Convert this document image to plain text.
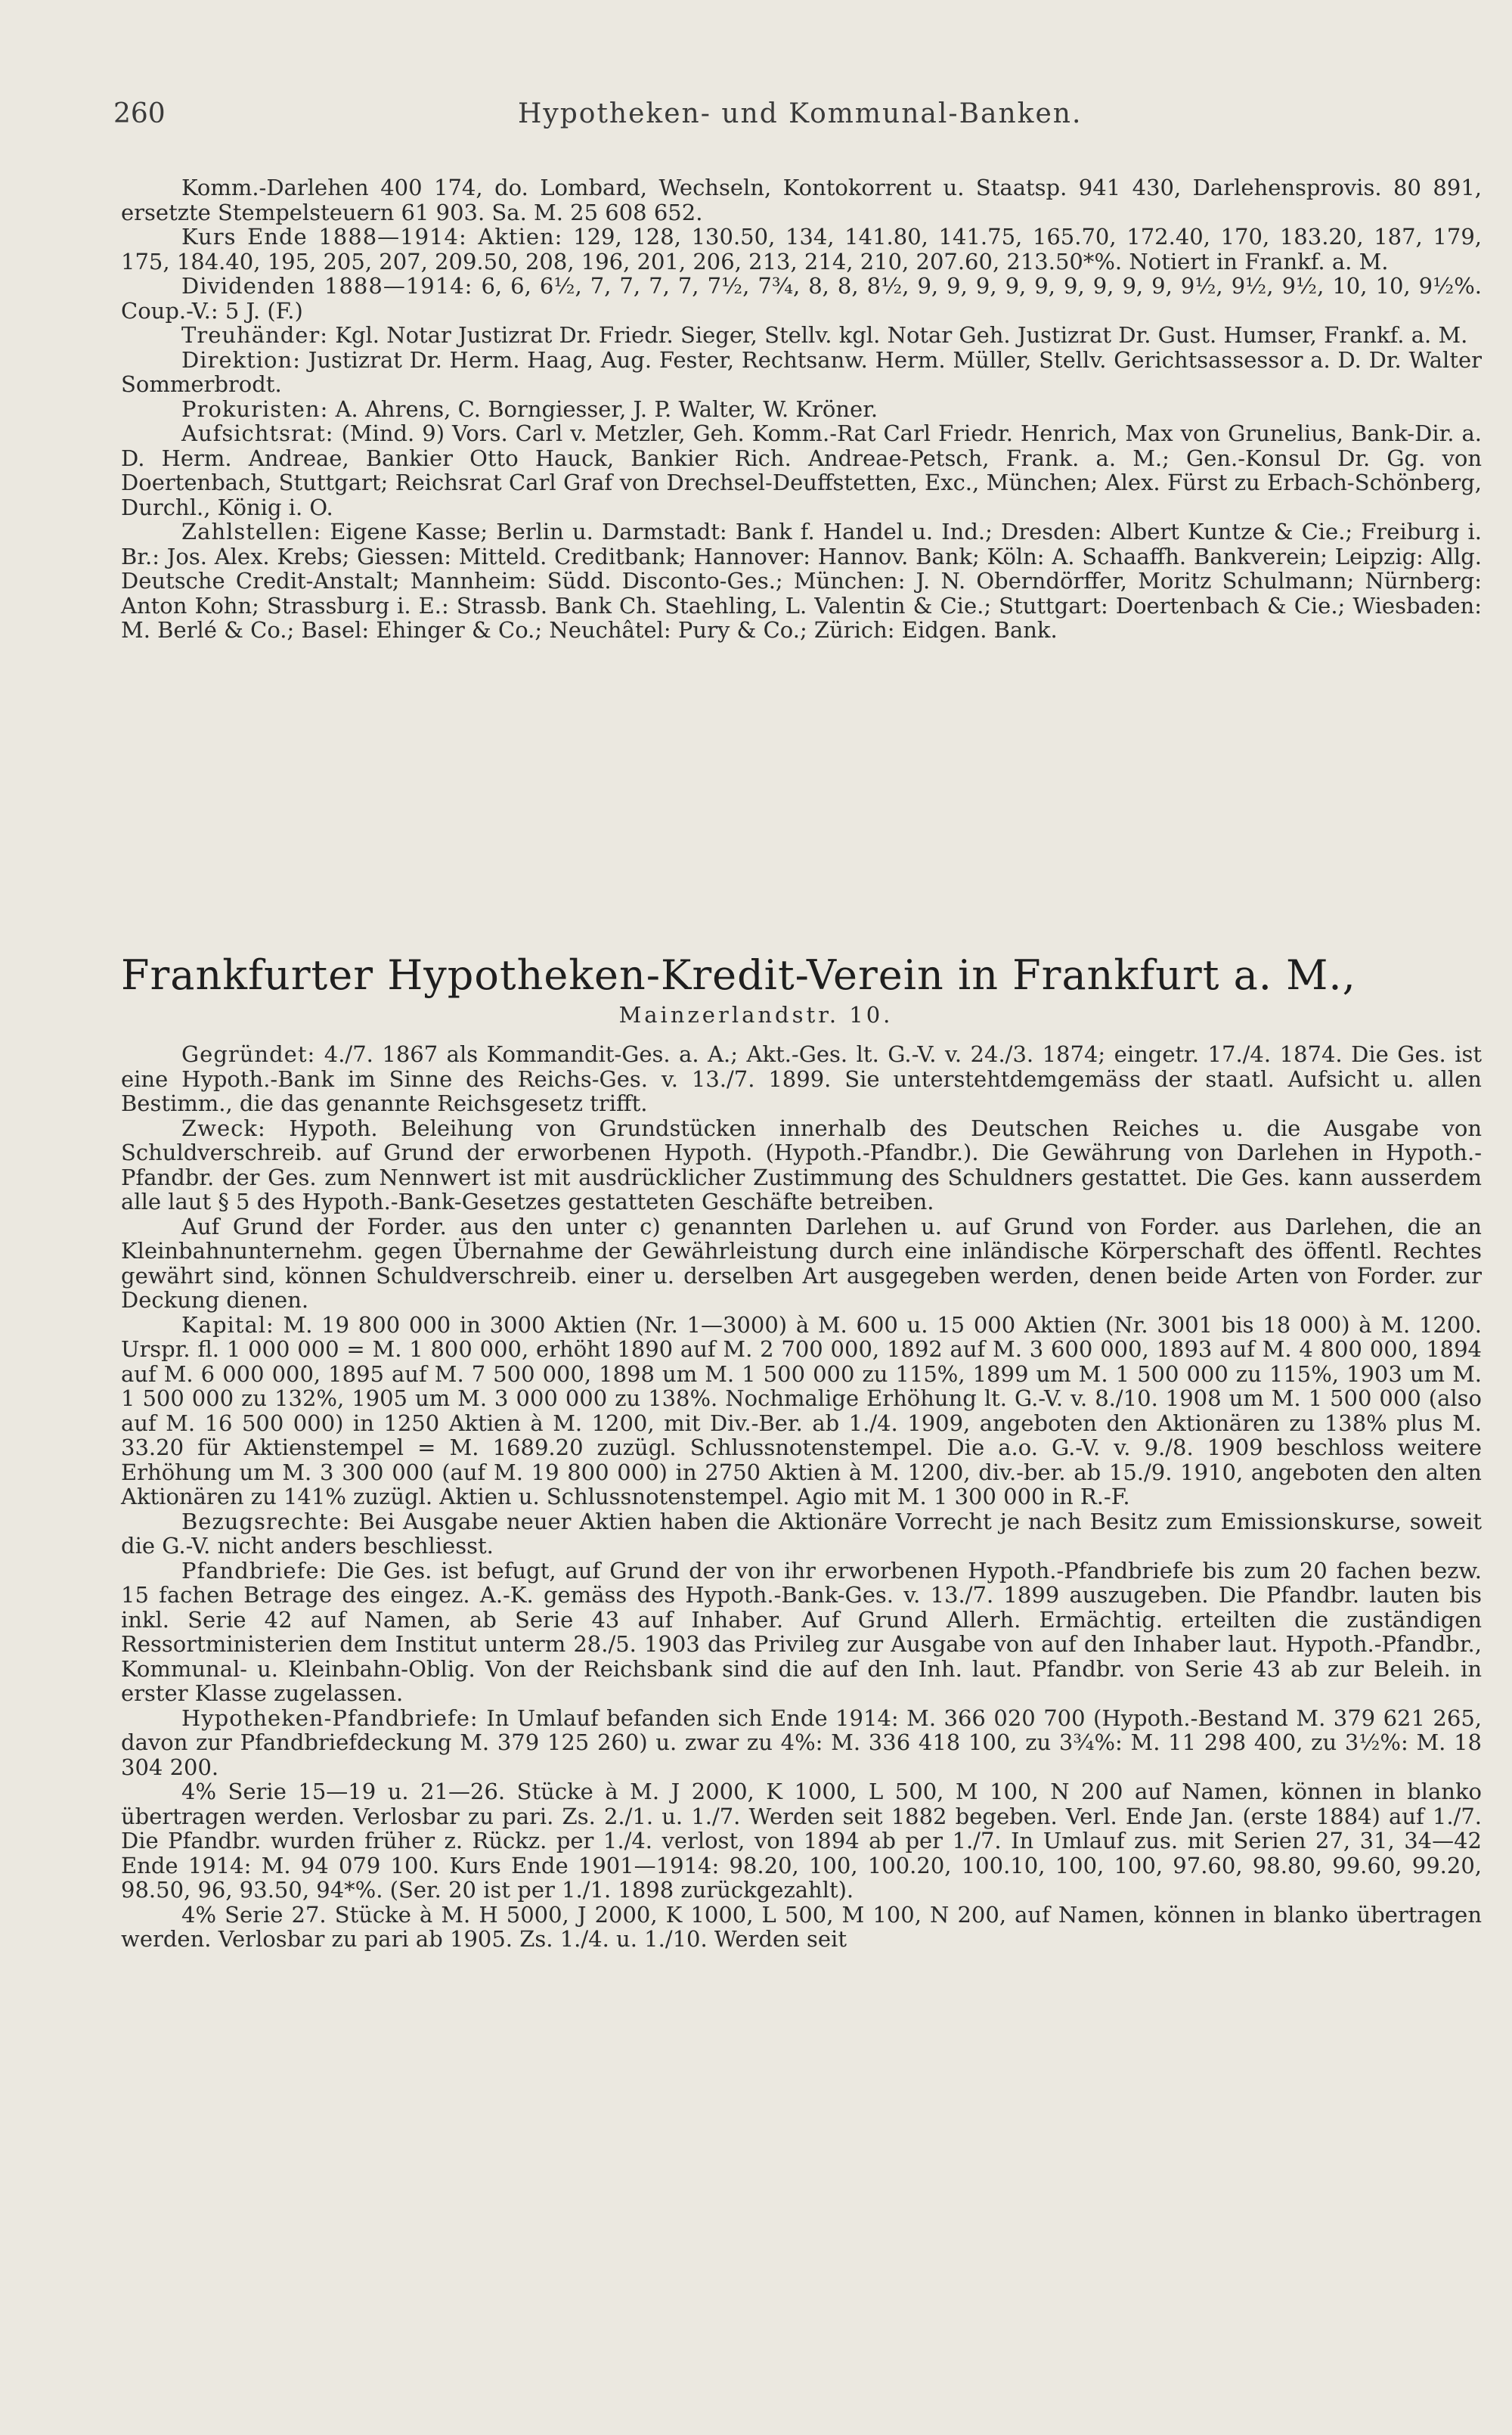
260	Hypotheken- und Kommunal-Banken.

Komm.-Darlehen 400 174, do. Lombard, Wechseln, Kontokorrent u. Staatsp. 941 430, Darlehensprovis. 80 891, ersetzte Stempelsteuern 61 903. Sa. M. 25 608 652.

Kurs Ende 1888—1914: Aktien: 129, 128, 130.50, 134, 141.80, 141.75, 165.70, 172.40, 170, 183.20, 187, 179, 175, 184.40, 195, 205, 207, 209.50, 208, 196, 201, 206, 213, 214, 210, 207.60, 213.50*%. Notiert in Frankf. a. M.

Dividenden 1888—1914: 6, 6, 6½, 7, 7, 7, 7, 7½, 7¾, 8, 8, 8½, 9, 9, 9, 9, 9, 9, 9, 9, 9, 9½, 9½, 9½, 10, 10, 9½%. Coup.-V.: 5 J. (F.)

Treuhänder: Kgl. Notar Justizrat Dr. Friedr. Sieger, Stellv. kgl. Notar Geh. Justizrat Dr. Gust. Humser, Frankf. a. M.

Direktion: Justizrat Dr. Herm. Haag, Aug. Fester, Rechtsanw. Herm. Müller, Stellv. Gerichtsassessor a. D. Dr. Walter Sommerbrodt.

Prokuristen: A. Ahrens, C. Borngiesser, J. P. Walter, W. Kröner.

Aufsichtsrat: (Mind. 9) Vors. Carl v. Metzler, Geh. Komm.-Rat Carl Friedr. Henrich, Max von Grunelius, Bank-Dir. a. D. Herm. Andreae, Bankier Otto Hauck, Bankier Rich. Andreae-Petsch, Frank. a. M.; Gen.-Konsul Dr. Gg. von Doertenbach, Stuttgart; Reichsrat Carl Graf von Drechsel-Deuffstetten, Exc., München; Alex. Fürst zu Erbach-Schönberg, Durchl., König i. O.

Zahlstellen: Eigene Kasse; Berlin u. Darmstadt: Bank f. Handel u. Ind.; Dresden: Albert Kuntze & Cie.; Freiburg i. Br.: Jos. Alex. Krebs; Giessen: Mitteld. Creditbank; Hannover: Hannov. Bank; Köln: A. Schaaffh. Bankverein; Leipzig: Allg. Deutsche Credit-Anstalt; Mannheim: Südd. Disconto-Ges.; München: J. N. Oberndörffer, Moritz Schulmann; Nürnberg: Anton Kohn; Strassburg i. E.: Strassb. Bank Ch. Staehling, L. Valentin & Cie.; Stuttgart: Doertenbach & Cie.; Wiesbaden: M. Berlé & Co.; Basel: Ehinger & Co.; Neuchâtel: Pury & Co.; Zürich: Eidgen. Bank.

Frankfurter Hypotheken-Kredit-Verein in Frankfurt a. M.,
Mainzerlandstr. 10.

Gegründet: 4./7. 1867 als Kommandit-Ges. a. A.; Akt.-Ges. lt. G.-V. v. 24./3. 1874; eingetr. 17./4. 1874. Die Ges. ist eine Hypoth.-Bank im Sinne des Reichs-Ges. v. 13./7. 1899. Sie unterstehtdemgemäss der staatl. Aufsicht u. allen Bestimm., die das genannte Reichsgesetz trifft.

Zweck: Hypoth. Beleihung von Grundstücken innerhalb des Deutschen Reiches u. die Ausgabe von Schuldverschreib. auf Grund der erworbenen Hypoth. (Hypoth.-Pfandbr.). Die Gewährung von Darlehen in Hypoth.-Pfandbr. der Ges. zum Nennwert ist mit ausdrücklicher Zustimmung des Schuldners gestattet. Die Ges. kann ausserdem alle laut § 5 des Hypoth.-Bank-Gesetzes gestatteten Geschäfte betreiben.

Auf Grund der Forder. aus den unter c) genannten Darlehen u. auf Grund von Forder. aus Darlehen, die an Kleinbahnunternehm. gegen Übernahme der Gewährleistung durch eine inländische Körperschaft des öffentl. Rechtes gewährt sind, können Schuldverschreib. einer u. derselben Art ausgegeben werden, denen beide Arten von Forder. zur Deckung dienen.

Kapital: M. 19 800 000 in 3000 Aktien (Nr. 1—3000) à M. 600 u. 15 000 Aktien (Nr. 3001 bis 18 000) à M. 1200. Urspr. fl. 1 000 000 = M. 1 800 000, erhöht 1890 auf M. 2 700 000, 1892 auf M. 3 600 000, 1893 auf M. 4 800 000, 1894 auf M. 6 000 000, 1895 auf M. 7 500 000, 1898 um M. 1 500 000 zu 115%, 1899 um M. 1 500 000 zu 115%, 1903 um M. 1 500 000 zu 132%, 1905 um M. 3 000 000 zu 138%. Nochmalige Erhöhung lt. G.-V. v. 8./10. 1908 um M. 1 500 000 (also auf M. 16 500 000) in 1250 Aktien à M. 1200, mit Div.-Ber. ab 1./4. 1909, angeboten den Aktionären zu 138% plus M. 33.20 für Aktienstempel = M. 1689.20 zuzügl. Schlussnotenstempel. Die a.o. G.-V. v. 9./8. 1909 beschloss weitere Erhöhung um M. 3 300 000 (auf M. 19 800 000) in 2750 Aktien à M. 1200, div.-ber. ab 15./9. 1910, angeboten den alten Aktionären zu 141% zuzügl. Aktien u. Schlussnotenstempel. Agio mit M. 1 300 000 in R.-F.

Bezugsrechte: Bei Ausgabe neuer Aktien haben die Aktionäre Vorrecht je nach Besitz zum Emissionskurse, soweit die G.-V. nicht anders beschliesst.

Pfandbriefe: Die Ges. ist befugt, auf Grund der von ihr erworbenen Hypoth.-Pfandbriefe bis zum 20 fachen bezw. 15 fachen Betrage des eingez. A.-K. gemäss des Hypoth.-Bank-Ges. v. 13./7. 1899 auszugeben. Die Pfandbr. lauten bis inkl. Serie 42 auf Namen, ab Serie 43 auf Inhaber. Auf Grund Allerh. Ermächtig. erteilten die zuständigen Ressortministerien dem Institut unterm 28./5. 1903 das Privileg zur Ausgabe von auf den Inhaber laut. Hypoth.-Pfandbr., Kommunal- u. Kleinbahn-Oblig. Von der Reichsbank sind die auf den Inh. laut. Pfandbr. von Serie 43 ab zur Beleih. in erster Klasse zugelassen.

Hypotheken-Pfandbriefe: In Umlauf befanden sich Ende 1914: M. 366 020 700 (Hypoth.-Bestand M. 379 621 265, davon zur Pfandbriefdeckung M. 379 125 260) u. zwar zu 4%: M. 336 418 100, zu 3¾%: M. 11 298 400, zu 3½%: M. 18 304 200.

4% Serie 15—19 u. 21—26. Stücke à M. J 2000, K 1000, L 500, M 100, N 200 auf Namen, können in blanko übertragen werden. Verlosbar zu pari. Zs. 2./1. u. 1./7. Werden seit 1882 begeben. Verl. Ende Jan. (erste 1884) auf 1./7. Die Pfandbr. wurden früher z. Rückz. per 1./4. verlost, von 1894 ab per 1./7. In Umlauf zus. mit Serien 27, 31, 34—42 Ende 1914: M. 94 079 100. Kurs Ende 1901—1914: 98.20, 100, 100.20, 100.10, 100, 100, 97.60, 98.80, 99.60, 99.20, 98.50, 96, 93.50, 94*%. (Ser. 20 ist per 1./1. 1898 zurückgezahlt).

4% Serie 27. Stücke à M. H 5000, J 2000, K 1000, L 500, M 100, N 200, auf Namen, können in blanko übertragen werden. Verlosbar zu pari ab 1905. Zs. 1./4. u. 1./10. Werden seit
